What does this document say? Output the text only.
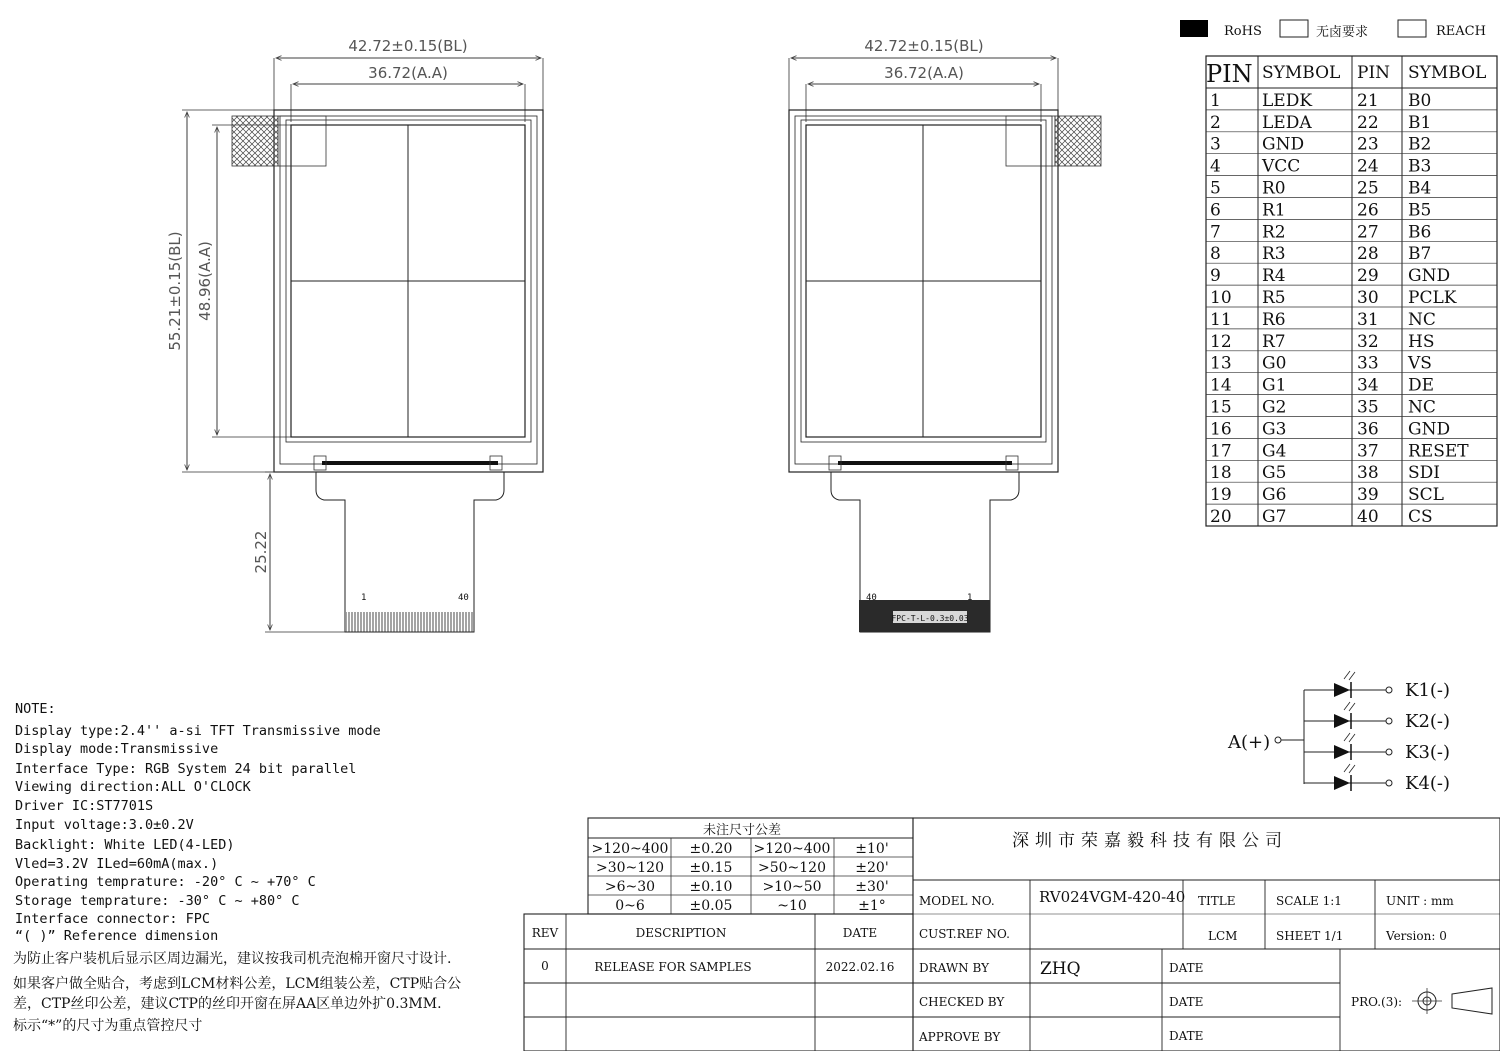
RoHS	无卤要求	REACH
42.72±0.15(BL)
36.72(A.A)
55.21±0.15(BL) 48.96(A.A)
1	40
25.22
42.72±0.15(BL)
36.72(A.A)
FPC-T-L-0.3±0.03
40	1
PIN SYMBOL PIN SYMBOL
1 LEDK	21 B0
2 LEDA	22 B1
3 GND	23 B2
4 VCC	24 B3
5 R0	25 B4
6 R1	26 B5
7 R2	27 B6
8 R3	28 B7
9 R4	29 GND
10 R5	30 PCLK
11 R6	31 NC
12 R7	32 HS
13 G0	33 VS
14 G1	34 DE
15 G2	35 NC
16 G3	36 GND
17 G4	37 RESET
18 G5	38 SDI
19 G6	39 SCL
20 G7	40 CS
A(+)
K1(-)
K2(-)
K3(-)
K4(-)
NOTE:
Display type:2.4'' a-si TFT Transmissive mode
Display mode:Transmissive
Interface Type: RGB System 24 bit parallel
Viewing direction:ALL O'CLOCK
Driver IC:ST7701S
Input voltage:3.0±0.2V
Backlight: White LED(4-LED)
Vled=3.2V ILed=60mA(max.)
Operating temprature: -20° C ~ +70° C
Storage temprature: -30° C ~ +80° C
Interface connector: FPC
“( )” Reference dimension
为防止客户装机后显示区周边漏光，建议按我司机壳泡棉开窗尺寸设计.
如果客户做全贴合，考虑到LCM材料公差，LCM组装公差，CTP贴合公
差，CTP丝印公差，建议CTP的丝印开窗在屏AA区单边外扩0.3MM.
标示“*”的尺寸为重点管控尺寸
未注尺寸公差
>120~400 ±0.20 >120~400 ±10'
>30~120 ±0.15 >50~120 ±20'
>6~30 ±0.10 >10~50 ±30'
0~6	±0.05	~10	±1°
REV	DESCRIPTION	DATE
0	RELEASE FOR SAMPLES	2022.02.16
深圳市荣嘉毅科技有限公司
MODEL NO.	RV024VGM-420-40 TITLE	SCALE 1:1	UNIT : mm
CUST.REF NO.	LCM	SHEET 1/1	Version: 0
DRAWN BY	ZHQ	DATE
CHECKED BY	DATE
APPROVE BY	DATE
PRO.(3):
